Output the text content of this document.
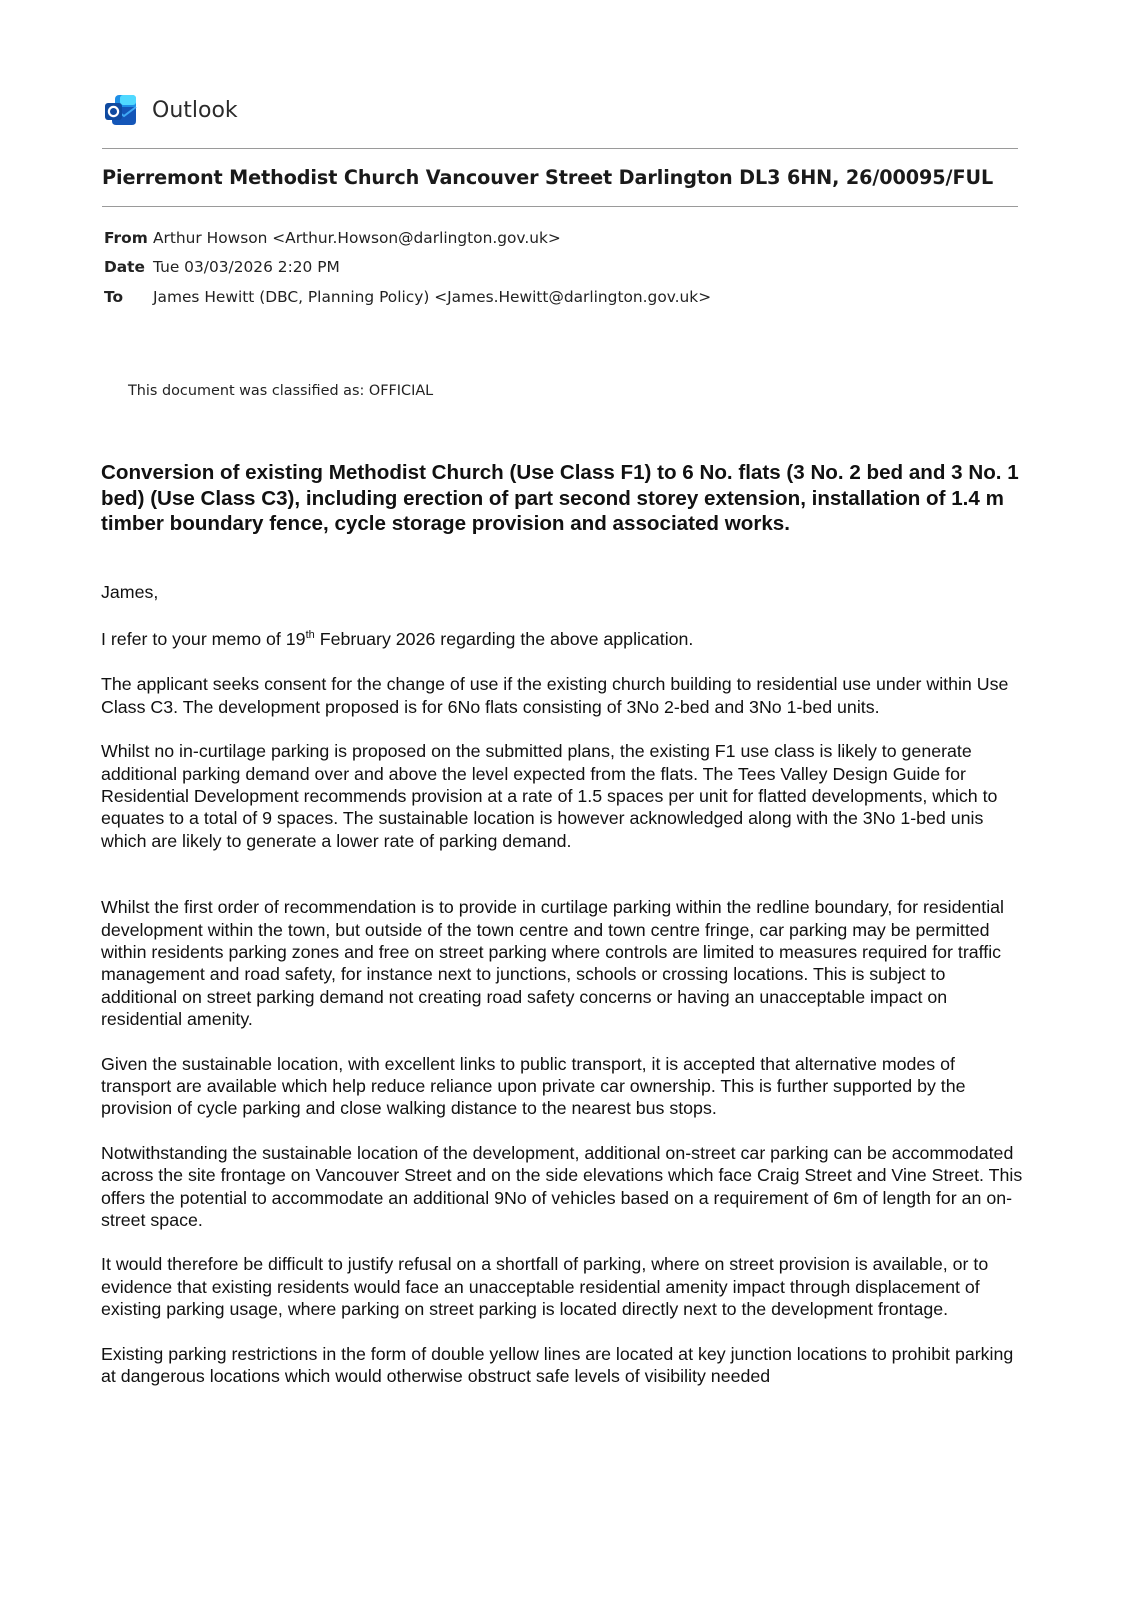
Outlook
Pierremont Methodist Church Vancouver Street Darlington DL3 6HN, 26/00095/FUL
From Arthur Howson <Arthur.Howson@darlington.gov.uk>
Date Tue 03/03/2026 2:20 PM
To James Hewitt (DBC, Planning Policy) <James.Hewitt@darlington.gov.uk>
This document was classified as: OFFICIAL

Conversion of existing Methodist Church (Use Class F1) to 6 No. flats (3 No. 2 bed and 3 No. 1 bed) (Use Class C3), including erection of part second storey extension, installation of 1.4 m timber boundary fence, cycle storage provision and associated works.

James,

I refer to your memo of 19th February 2026 regarding the above application.

The applicant seeks consent for the change of use if the existing church building to residential use under within Use Class C3. The development proposed is for 6No flats consisting of 3No 2-bed and 3No 1-bed units.

Whilst no in-curtilage parking is proposed on the submitted plans, the existing F1 use class is likely to generate additional parking demand over and above the level expected from the flats. The Tees Valley Design Guide for Residential Development recommends provision at a rate of 1.5 spaces per unit for flatted developments, which to equates to a total of 9 spaces. The sustainable location is however acknowledged along with the 3No 1-bed unis which are likely to generate a lower rate of parking demand.

Whilst the first order of recommendation is to provide in curtilage parking within the redline boundary, for residential development within the town, but outside of the town centre and town centre fringe, car parking may be permitted within residents parking zones and free on street parking where controls are limited to measures required for traffic management and road safety, for instance next to junctions, schools or crossing locations. This is subject to additional on street parking demand not creating road safety concerns or having an unacceptable impact on residential amenity.

Given the sustainable location, with excellent links to public transport, it is accepted that alternative modes of transport are available which help reduce reliance upon private car ownership. This is further supported by the provision of cycle parking and close walking distance to the nearest bus stops.

Notwithstanding the sustainable location of the development, additional on-street car parking can be accommodated across the site frontage on Vancouver Street and on the side elevations which face Craig Street and Vine Street. This offers the potential to accommodate an additional 9No of vehicles based on a requirement of 6m of length for an on-street space.

It would therefore be difficult to justify refusal on a shortfall of parking, where on street provision is available, or to evidence that existing residents would face an unacceptable residential amenity impact through displacement of existing parking usage, where parking on street parking is located directly next to the development frontage.

Existing parking restrictions in the form of double yellow lines are located at key junction locations to prohibit parking at dangerous locations which would otherwise obstruct safe levels of visibility needed
